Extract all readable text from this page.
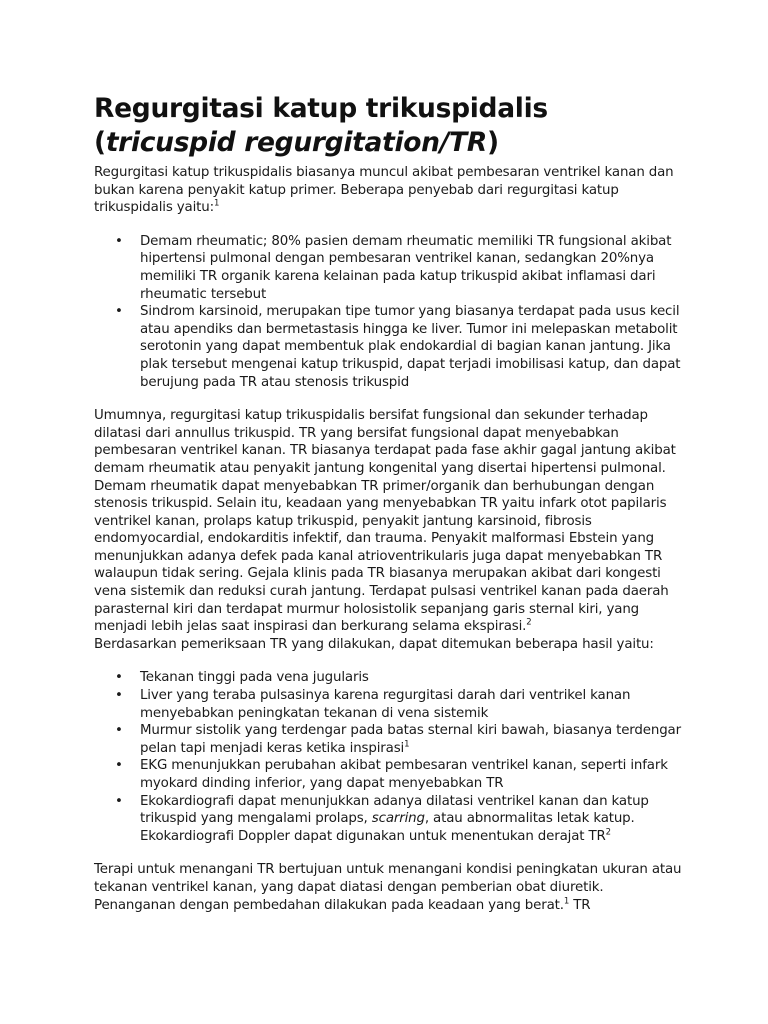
Regurgitasi katup trikuspidalis
(tricuspid regurgitation/TR)

Regurgitasi katup trikuspidalis biasanya muncul akibat pembesaran ventrikel kanan dan bukan karena penyakit katup primer. Beberapa penyebab dari regurgitasi katup trikuspidalis yaitu:$^1$

• Demam rheumatic; 80% pasien demam rheumatic memiliki TR fungsional akibat hipertensi pulmonal dengan pembesaran ventrikel kanan, sedangkan 20%nya memiliki TR organik karena kelainan pada katup trikuspid akibat inflamasi dari rheumatic tersebut
• Sindrom karsinoid, merupakan tipe tumor yang biasanya terdapat pada usus kecil atau apendiks dan bermetastasis hingga ke liver. Tumor ini melepaskan metabolit serotonin yang dapat membentuk plak endokardial di bagian kanan jantung. Jika plak tersebut mengenai katup trikuspid, dapat terjadi imobilisasi katup, dan dapat berujung pada TR atau stenosis trikuspid

Umumnya, regurgitasi katup trikuspidalis bersifat fungsional dan sekunder terhadap dilatasi dari annullus trikuspid. TR yang bersifat fungsional dapat menyebabkan pembesaran ventrikel kanan. TR biasanya terdapat pada fase akhir gagal jantung akibat demam rheumatik atau penyakit jantung kongenital yang disertai hipertensi pulmonal. Demam rheumatik dapat menyebabkan TR primer/organik dan berhubungan dengan stenosis trikuspid. Selain itu, keadaan yang menyebabkan TR yaitu infark otot papilaris ventrikel kanan, prolaps katup trikuspid, penyakit jantung karsinoid, fibrosis endomyocardial, endokarditis infektif, dan trauma. Penyakit malformasi Ebstein yang menunjukkan adanya defek pada kanal atrioventrikularis juga dapat menyebabkan TR walaupun tidak sering. Gejala klinis pada TR biasanya merupakan akibat dari kongesti vena sistemik dan reduksi curah jantung. Terdapat pulsasi ventrikel kanan pada daerah parasternal kiri dan terdapat murmur holosistolik sepanjang garis sternal kiri, yang menjadi lebih jelas saat inspirasi dan berkurang selama ekspirasi.$^2$

Berdasarkan pemeriksaan TR yang dilakukan, dapat ditemukan beberapa hasil yaitu:

• Tekanan tinggi pada vena jugularis
• Liver yang teraba pulsasinya karena regurgitasi darah dari ventrikel kanan menyebabkan peningkatan tekanan di vena sistemik
• Murmur sistolik yang terdengar pada batas sternal kiri bawah, biasanya terdengar pelan tapi menjadi keras ketika inspirasi$^1$
• EKG menunjukkan perubahan akibat pembesaran ventrikel kanan, seperti infark myokard dinding inferior, yang dapat menyebabkan TR
• Ekokardiografi dapat menunjukkan adanya dilatasi ventrikel kanan dan katup trikuspid yang mengalami prolaps, scarring, atau abnormalitas letak katup. Ekokardiografi Doppler dapat digunakan untuk menentukan derajat $TR^2$

Terapi untuk menangani TR bertujuan untuk menangani kondisi peningkatan ukuran atau tekanan ventrikel kanan, yang dapat diatasi dengan pemberian obat diuretik. Penanganan dengan pembedahan dilakukan pada keadaan yang berat.$^1$ TR
